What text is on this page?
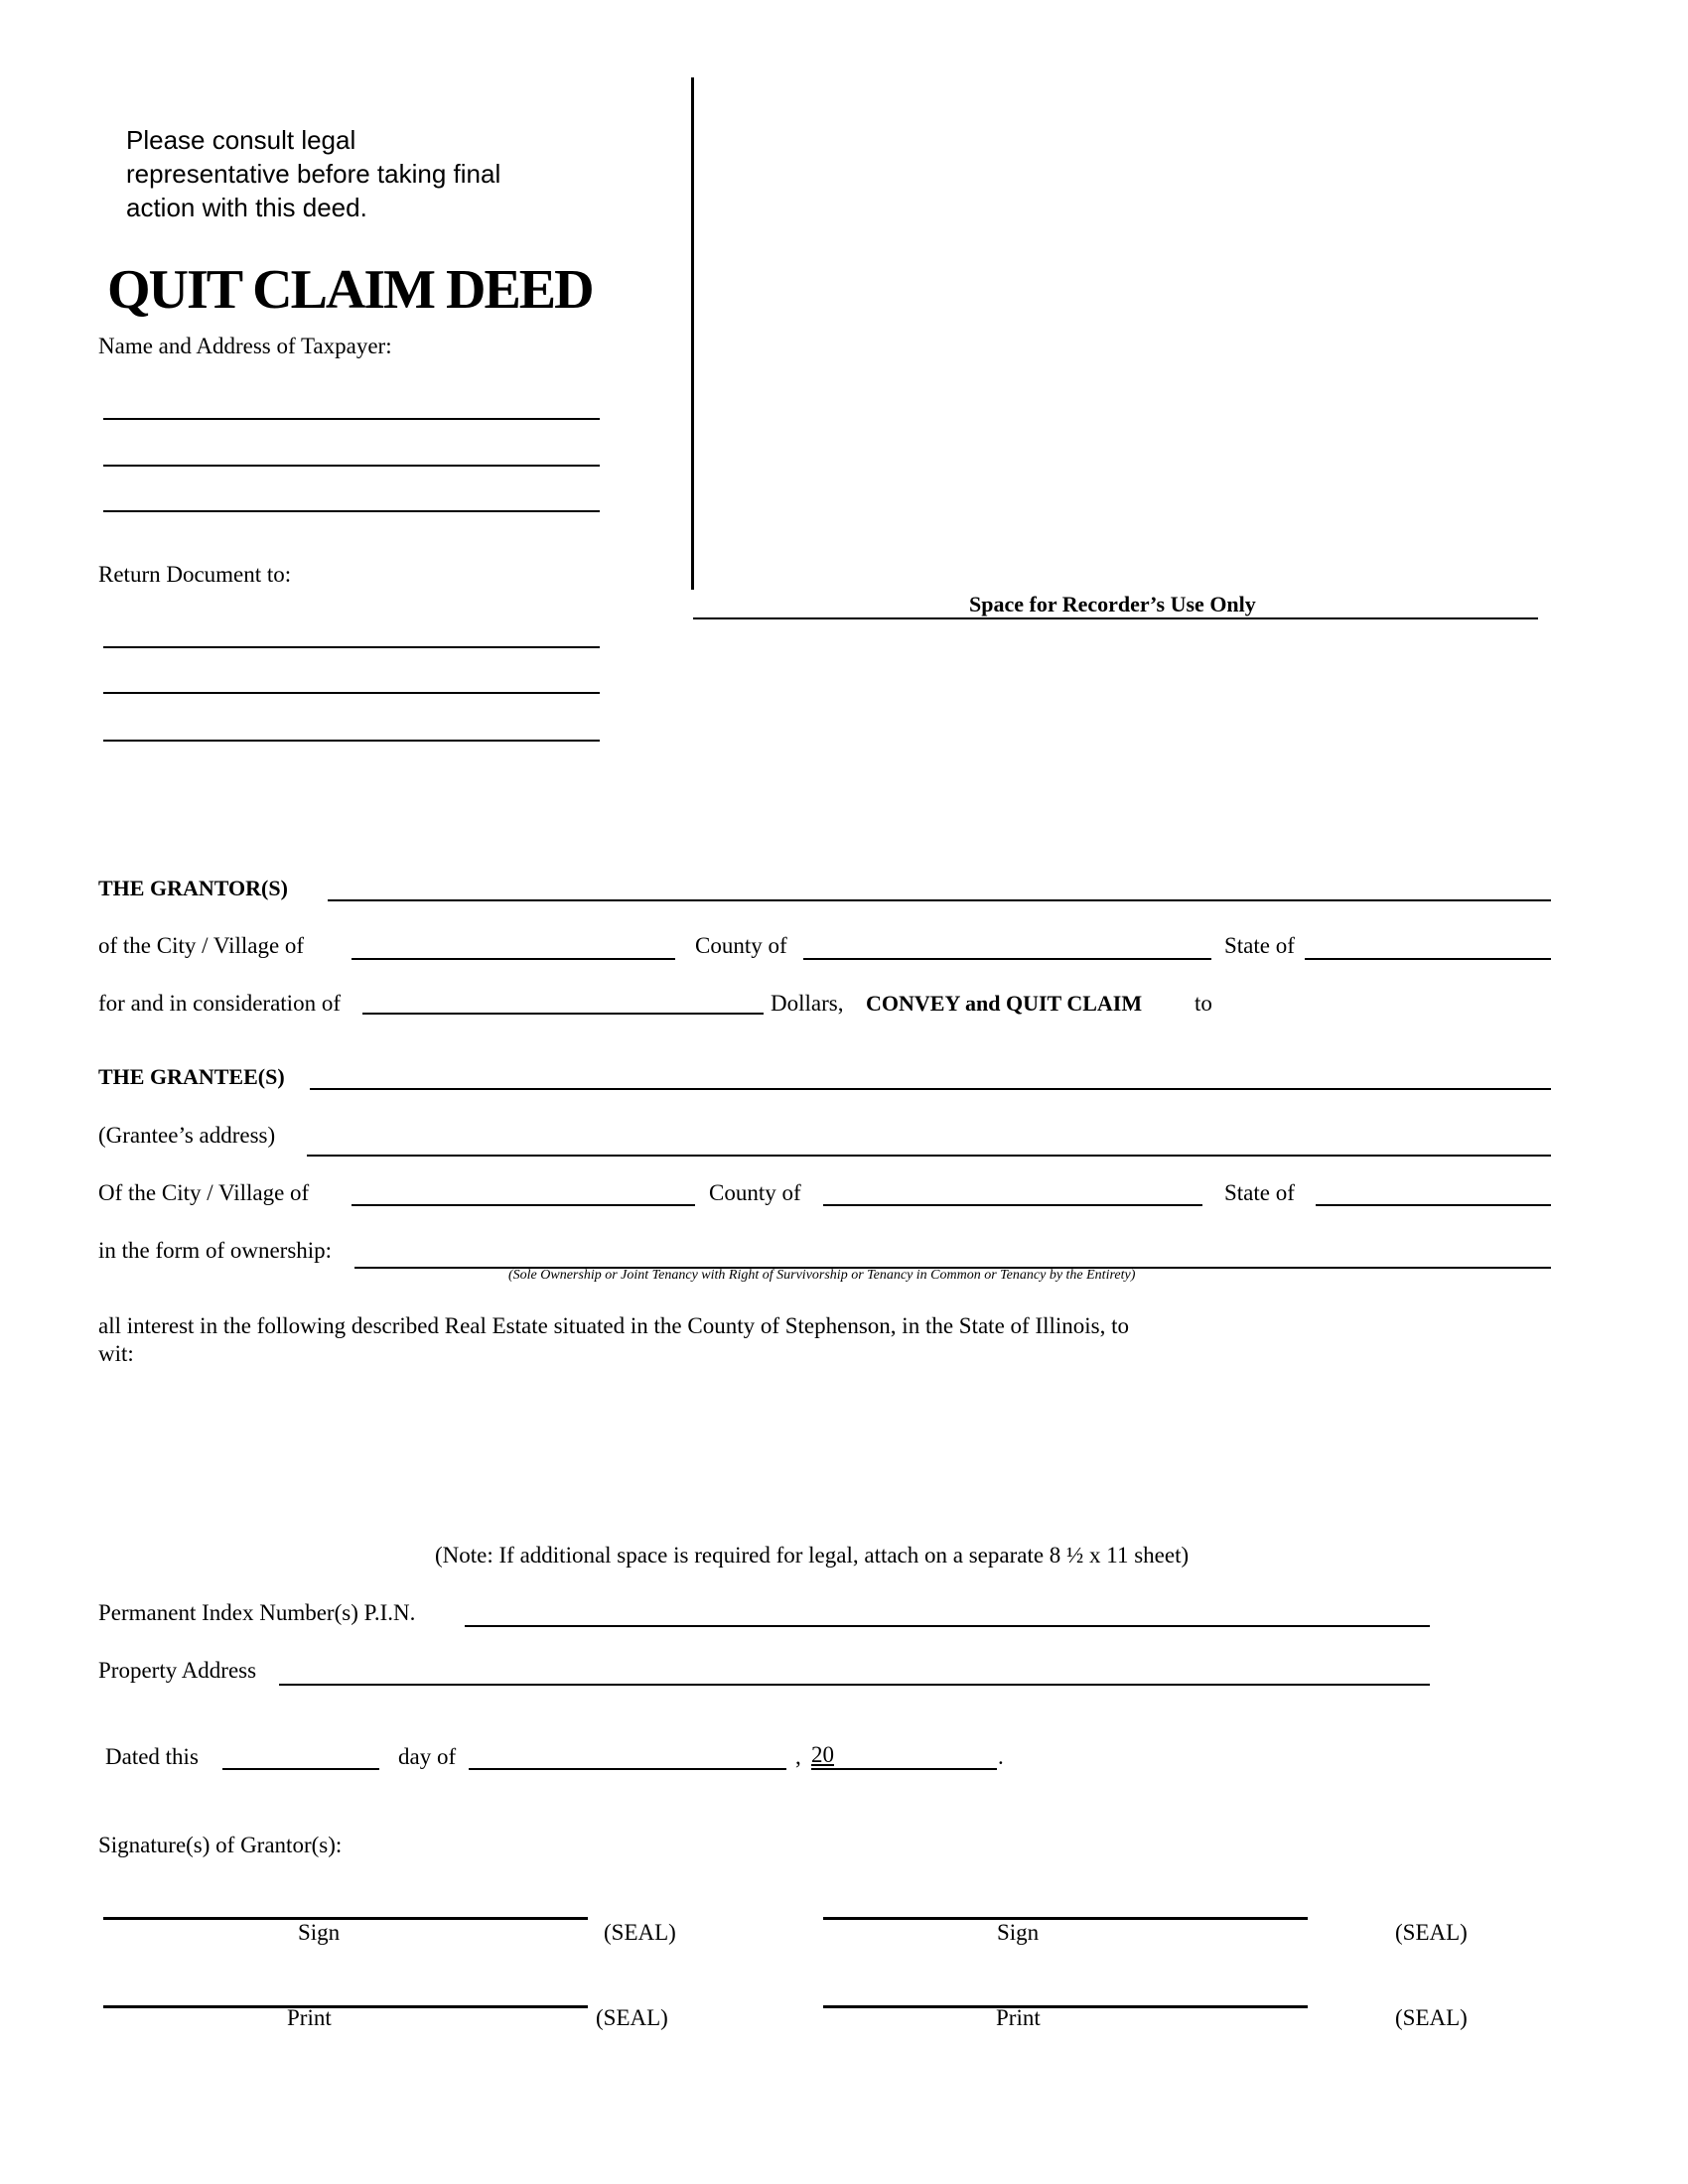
Please consult legal
representative before taking final
action with this deed.
QUIT CLAIM DEED
Name and Address of Taxpayer:
Return Document to:
Space for Recorder’s Use Only
THE GRANTOR(S)
of the City / Village of	County of	State of
for and in consideration of	Dollars, CONVEY and QUIT CLAIM to
THE GRANTEE(S)
(Grantee’s address)
Of the City / Village of	County of	State of
in the form of ownership:
(Sole Ownership or Joint Tenancy with Right of Survivorship or Tenancy in Common or Tenancy by the Entirety)
all interest in the following described Real Estate situated in the County of Stephenson, in the State of Illinois, to
wit:
(Note: If additional space is required for legal, attach on a separate 8 ½ x 11 sheet)
Permanent Index Number(s) P.I.N.
Property Address
Dated this	day of	, 20	.
Signature(s) of Grantor(s):
Sign	(SEAL)	Sign	(SEAL)
Print	(SEAL)	Print	(SEAL)
